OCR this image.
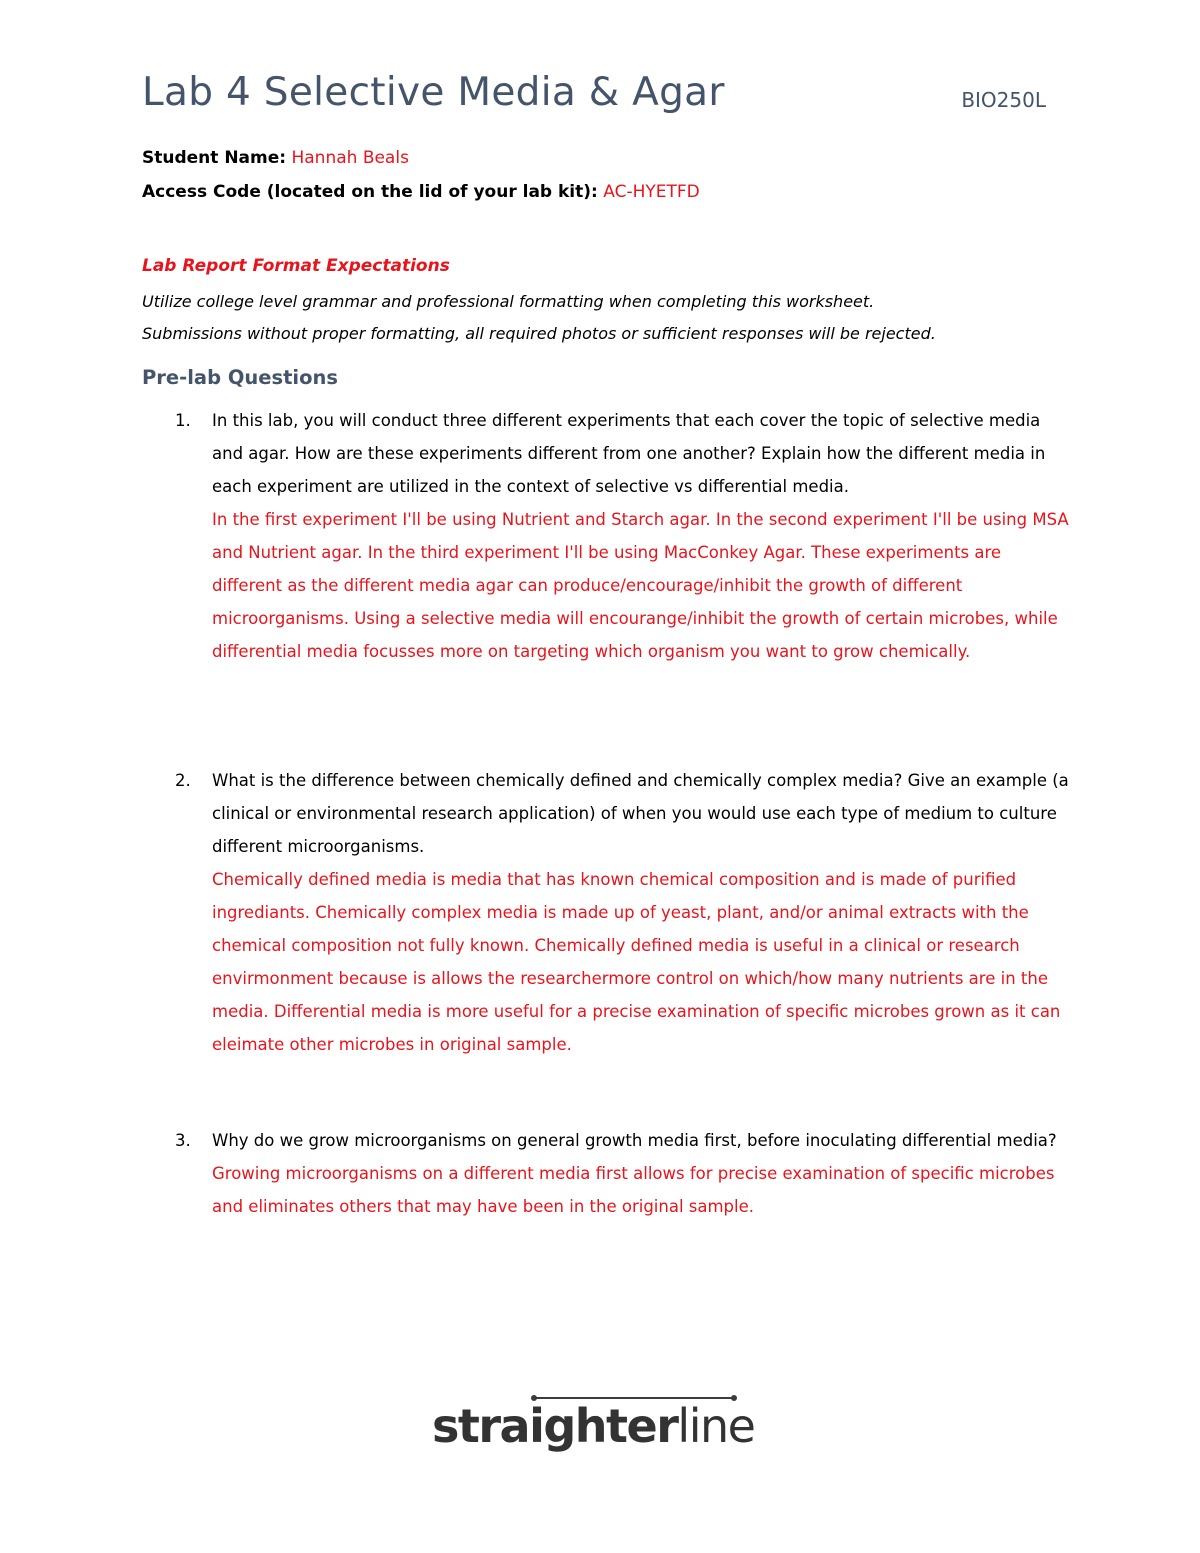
Lab 4 Selective Media & Agar	BIO250L
Student Name: Hannah Beals
Access Code (located on the lid of your lab kit): AC-HYETFD
Lab Report Format Expectations
Utilize college level grammar and professional formatting when completing this worksheet.
Submissions without proper formatting, all required photos or sufficient responses will be rejected.
Pre-lab Questions
1. In this lab, you will conduct three different experiments that each cover the topic of selective media and agar. How are these experiments different from one another? Explain how the different media in each experiment are utilized in the context of selective vs differential media.
In the first experiment I'll be using Nutrient and Starch agar. In the second experiment I'll be using MSA and Nutrient agar. In the third experiment I'll be using MacConkey Agar. These experiments are different as the different media agar can produce/encourage/inhibit the growth of different microorganisms. Using a selective media will encourange/inhibit the growth of certain microbes, while differential media focusses more on targeting which organism you want to grow chemically.
2. What is the difference between chemically defined and chemically complex media? Give an example (a clinical or environmental research application) of when you would use each type of medium to culture different microorganisms.
Chemically defined media is media that has known chemical composition and is made of purified ingrediants. Chemically complex media is made up of yeast, plant, and/or animal extracts with the chemical composition not fully known. Chemically defined media is useful in a clinical or research envirmonment because is allows the researchermore control on which/how many nutrients are in the media. Differential media is more useful for a precise examination of specific microbes grown as it can eleimate other microbes in original sample.
3. Why do we grow microorganisms on general growth media first, before inoculating differential media?
Growing microorganisms on a different media first allows for precise examination of specific microbes and eliminates others that may have been in the original sample.
straighterline
